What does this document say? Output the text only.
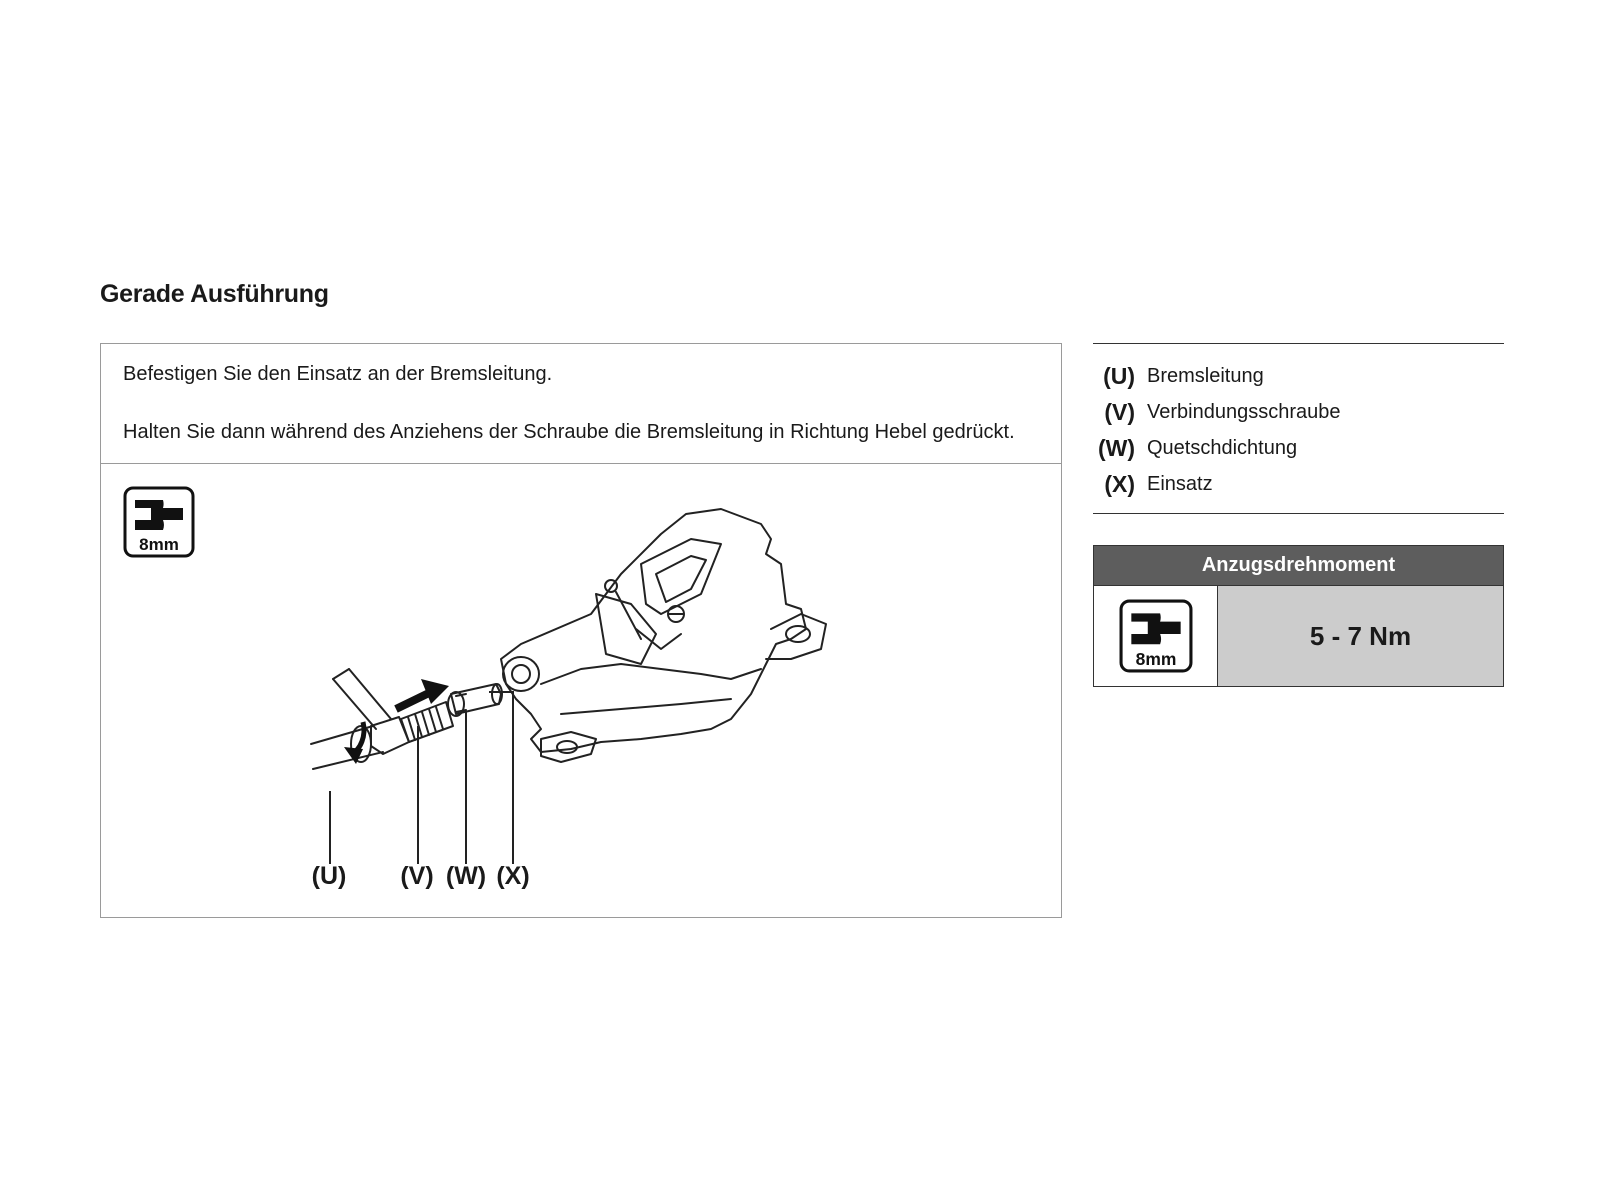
Gerade Ausführung

Befestigen Sie den Einsatz an der Bremsleitung.

Halten Sie dann während des Anziehens der Schraube die Bremsleitung in Richtung Hebel gedrückt.

8mm
(U) (V) (W) (X)
(U) Bremsleitung
(V) Verbindungsschraube
(W) Quetschdichtung
(X) Einsatz
Anzugsdrehmoment
8mm
5 - 7 Nm
